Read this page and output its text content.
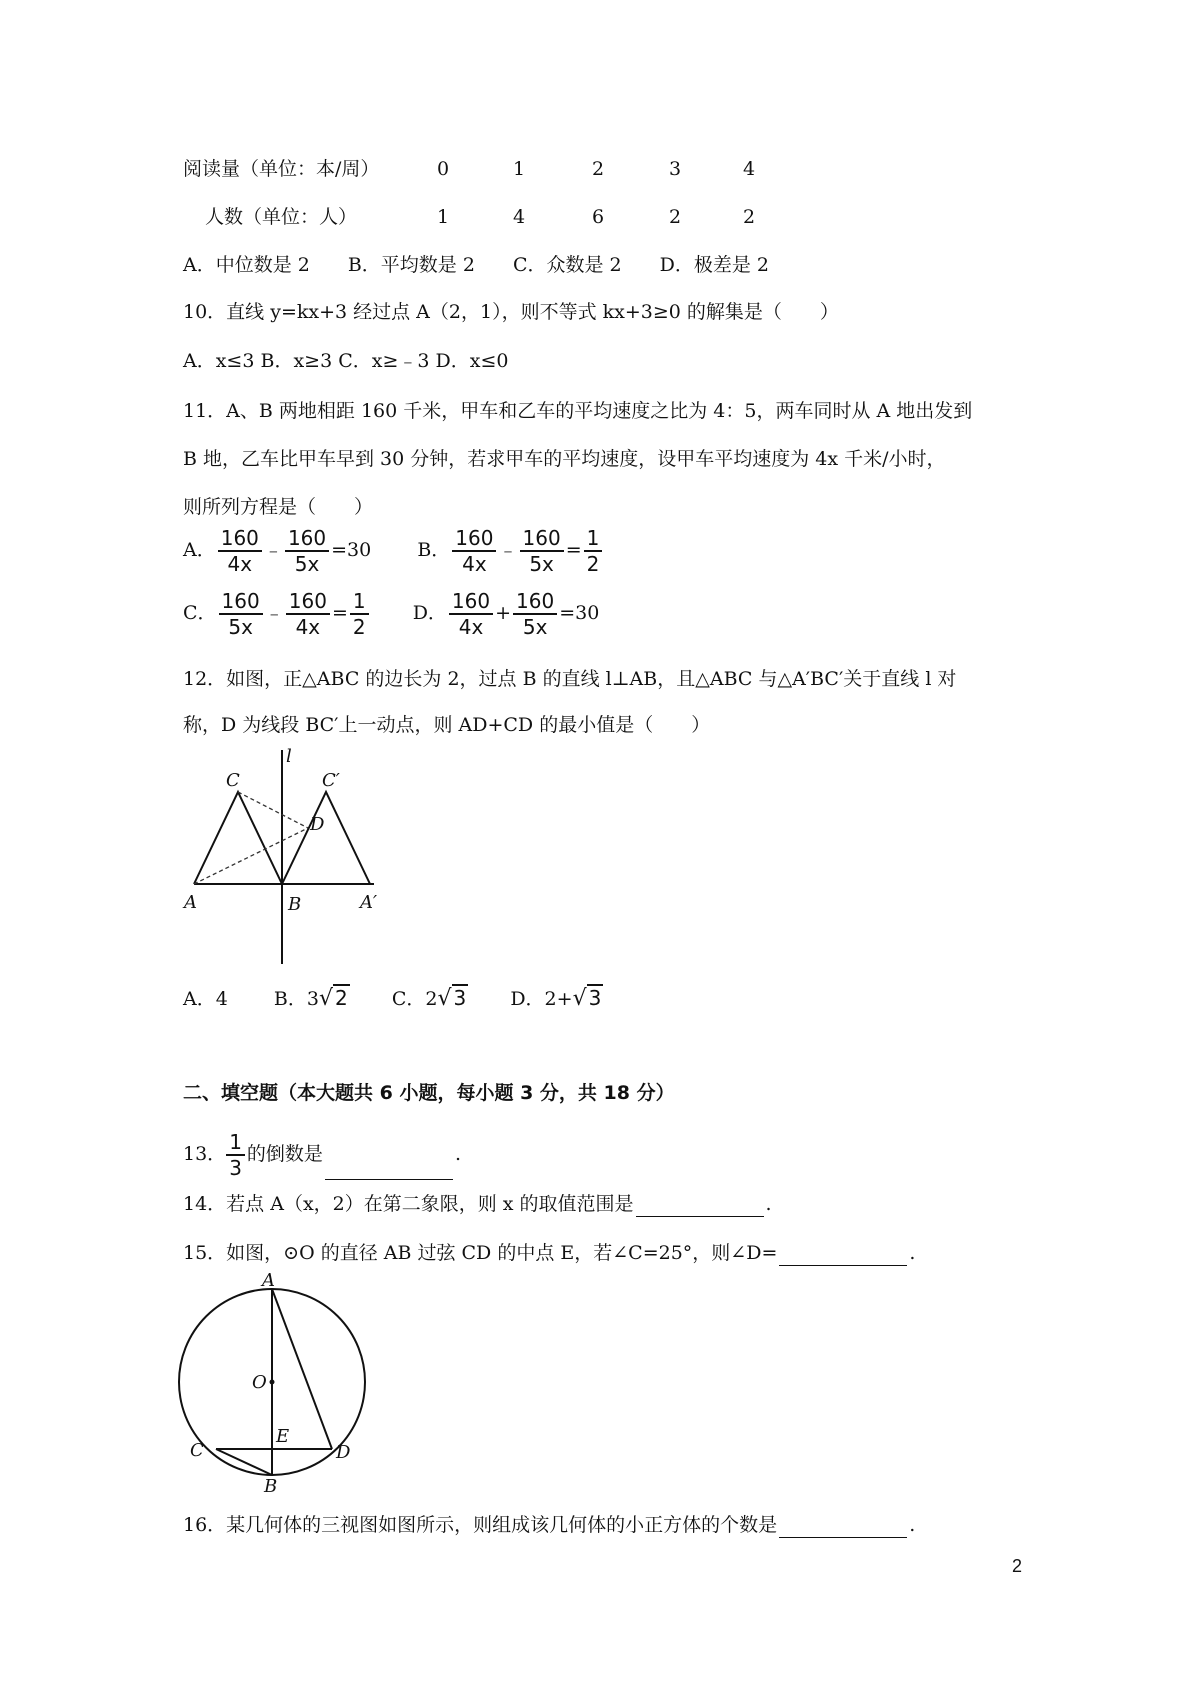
阅读量（单位：本/周）	0	1	2	3	4
人数（单位：人）	1	4	6	2	2
A．中位数是 2　　B．平均数是 2　　C．众数是 2　　D．极差是 2
10．直线 y=kx+3 经过点 A（2，1），则不等式 kx+3≥0 的解集是（　　）
A．x≤3 B．x≥3 C．x≥﹣3 D．x≤0
11．A、B 两地相距 160 千米，甲车和乙车的平均速度之比为 4：5，两车同时从 A 地出发到
B 地，乙车比甲车早到 30 分钟，若求甲车的平均速度，设甲车平均速度为 4x 千米/小时，
则所列方程是（　　）
A． $\frac{160}{4x}$ ﹣ $\frac{160}{5x} =30$ B． $\frac{160}{4x}$ ﹣ $\frac{160}{5x} = \frac{1}{2}$
C． $\frac{160}{5x}$ ﹣ $\frac{160}{4x} = \frac{1}{2}$ D． $\frac{160}{4x} + \frac{160}{5x} =30$
12．如图，正△ABC 的边长为 2，过点 B 的直线 l⊥AB，且△ABC 与△A′BC′关于直线 l 对
称，D 为线段 BC′上一动点，则 AD+CD 的最小值是（　　）
l
C	C′
D
A	B	A′
A．4 B．3√ 2 C．2√ 3 D．2+√ 3
二、填空题（本大题共 6 小题，每小题 3 分，共 18 分）
13． $\frac{1}{3}$ 的倒数是	.
14．若点 A（x，2）在第二象限，则 x 的取值范围是	.
15．如图，⊙O 的直径 AB 过弦 CD 的中点 E，若∠C=25°，则∠D=	.
A
O
E
C	D
B
16．某几何体的三视图如图所示，则组成该几何体的小正方体的个数是	.
2
